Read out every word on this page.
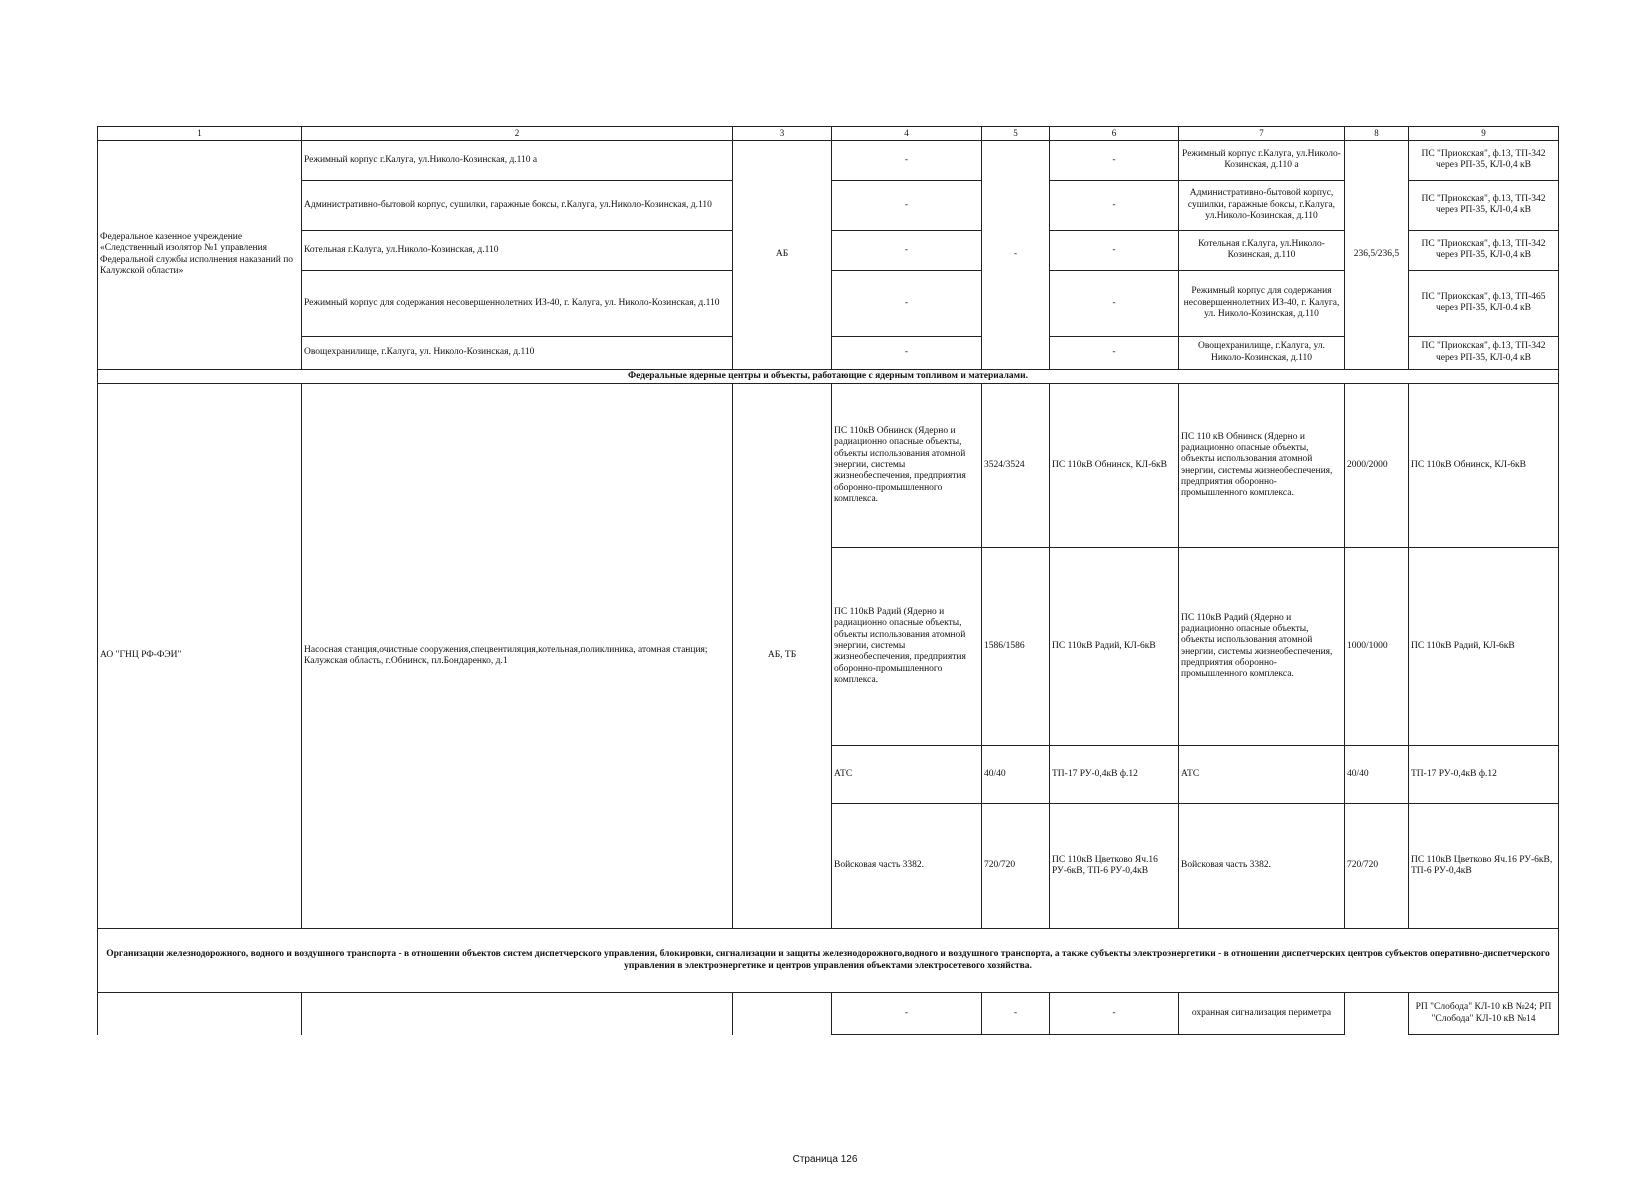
1	2	3	4	5	6	7	8	9
Федеральное казенное учреждение «Следственный изолятор №1 управления Федеральной службы исполнения наказаний по Калужской области»	Режимный корпус г.Калуга, ул.Николо-Козинская, д.110 а	АБ	-	-	-	Режимный корпус г.Калуга, ул.Николо-Козинская, д.110 а	236,5/236,5	ПС "Приокская", ф.13, ТП-342 через РП-35, КЛ-0,4 кВ
	Административно-бытовой корпус, сушилки, гаражные боксы, г.Калуга, ул.Николо-Козинская, д.110		-		-	Административно-бытовой корпус, сушилки, гаражные боксы, г.Калуга, ул.Николо-Козинская, д.110		ПС "Приокская", ф.13, ТП-342 через РП-35, КЛ-0,4 кВ
	Котельная г.Калуга, ул.Николо-Козинская, д.110		-		-	Котельная г.Калуга, ул.Николо-Козинская, д.110		ПС "Приокская", ф.13, ТП-342 через РП-35, КЛ-0,4 кВ
	Режимный корпус для содержания несовершеннолетних ИЗ-40, г. Калуга, ул. Николо-Козинская, д.110		-		-	Режимный корпус для содержания несовершеннолетних ИЗ-40, г. Калуга, ул. Николо-Козинская, д.110		ПС "Приокская", ф.13, ТП-465 через РП-35, КЛ-0.4 кВ
	Овощехранилище, г.Калуга, ул. Николо-Козинская, д.110		-		-	Овощехранилище, г.Калуга, ул. Николо-Козинская, д.110		ПС "Приокская", ф.13, ТП-342 через РП-35, КЛ-0,4 кВ
Федеральные ядерные центры и объекты, работающие с ядерным топливом и материалами.								
АО "ГНЦ РФ-ФЭИ"	Насосная станция,очистные сооружения,спецвентиляция,котельная,поликлиника, атомная станция; Калужская область, г.Обнинск, пл.Бондаренко, д.1	АБ, ТБ	ПС 110кВ Обнинск (Ядерно и радиационно опасные объекты, объекты использования атомной энергии, системы жизнеобеспечения, предприятия оборонно-промышленного комплекса.	3524/3524	ПС 110кВ Обнинск, КЛ-6кВ	ПС 110 кВ Обнинск (Ядерно и радиационно опасные объекты, объекты использования атомной энергии, системы жизнеобеспечения, предприятия оборонно- промышленного комплекса.	2000/2000	ПС 110кВ Обнинск, КЛ-6кВ
			ПС 110кВ Радий (Ядерно и радиационно опасные объекты, объекты использования атомной энергии, системы жизнеобеспечения, предприятия оборонно-промышленного комплекса.	1586/1586	ПС 110кВ Радий, КЛ-6кВ	ПС 110кВ Радий (Ядерно и радиационно опасные объекты, объекты использования атомной энергии, системы жизнеобеспечения, предприятия оборонно-промышленного комплекса.	1000/1000	ПС 110кВ Радий, КЛ-6кВ
			АТС	40/40	ТП-17 РУ-0,4кВ ф.12	АТС	40/40	ТП-17 РУ-0,4кВ ф.12
			Войсковая часть 3382.	720/720	ПС 110кВ Цветково Яч.16 РУ-6кВ, ТП-6 РУ-0,4кВ	Войсковая часть 3382.	720/720	ПС 110кВ Цветково Яч.16 РУ-6кВ, ТП-6 РУ-0,4кВ
Организации железнодорожного, водного и воздушного транспорта - в отношении объектов систем диспетчерского управления, блокировки, сигнализации и защиты железнодорожного,водного и воздушного транспорта, а также субъекты электроэнергетики - в отношении диспетчерских центров субъектов оперативно-диспетчерского управления в электроэнергетике и центров управления объектами электросетевого хозяйства.								
			-	-	-	охранная сигнализация периметра		РП "Слобода" КЛ-10 кВ №24; РП "Слобода" КЛ-10 кВ №14
Страница 126
